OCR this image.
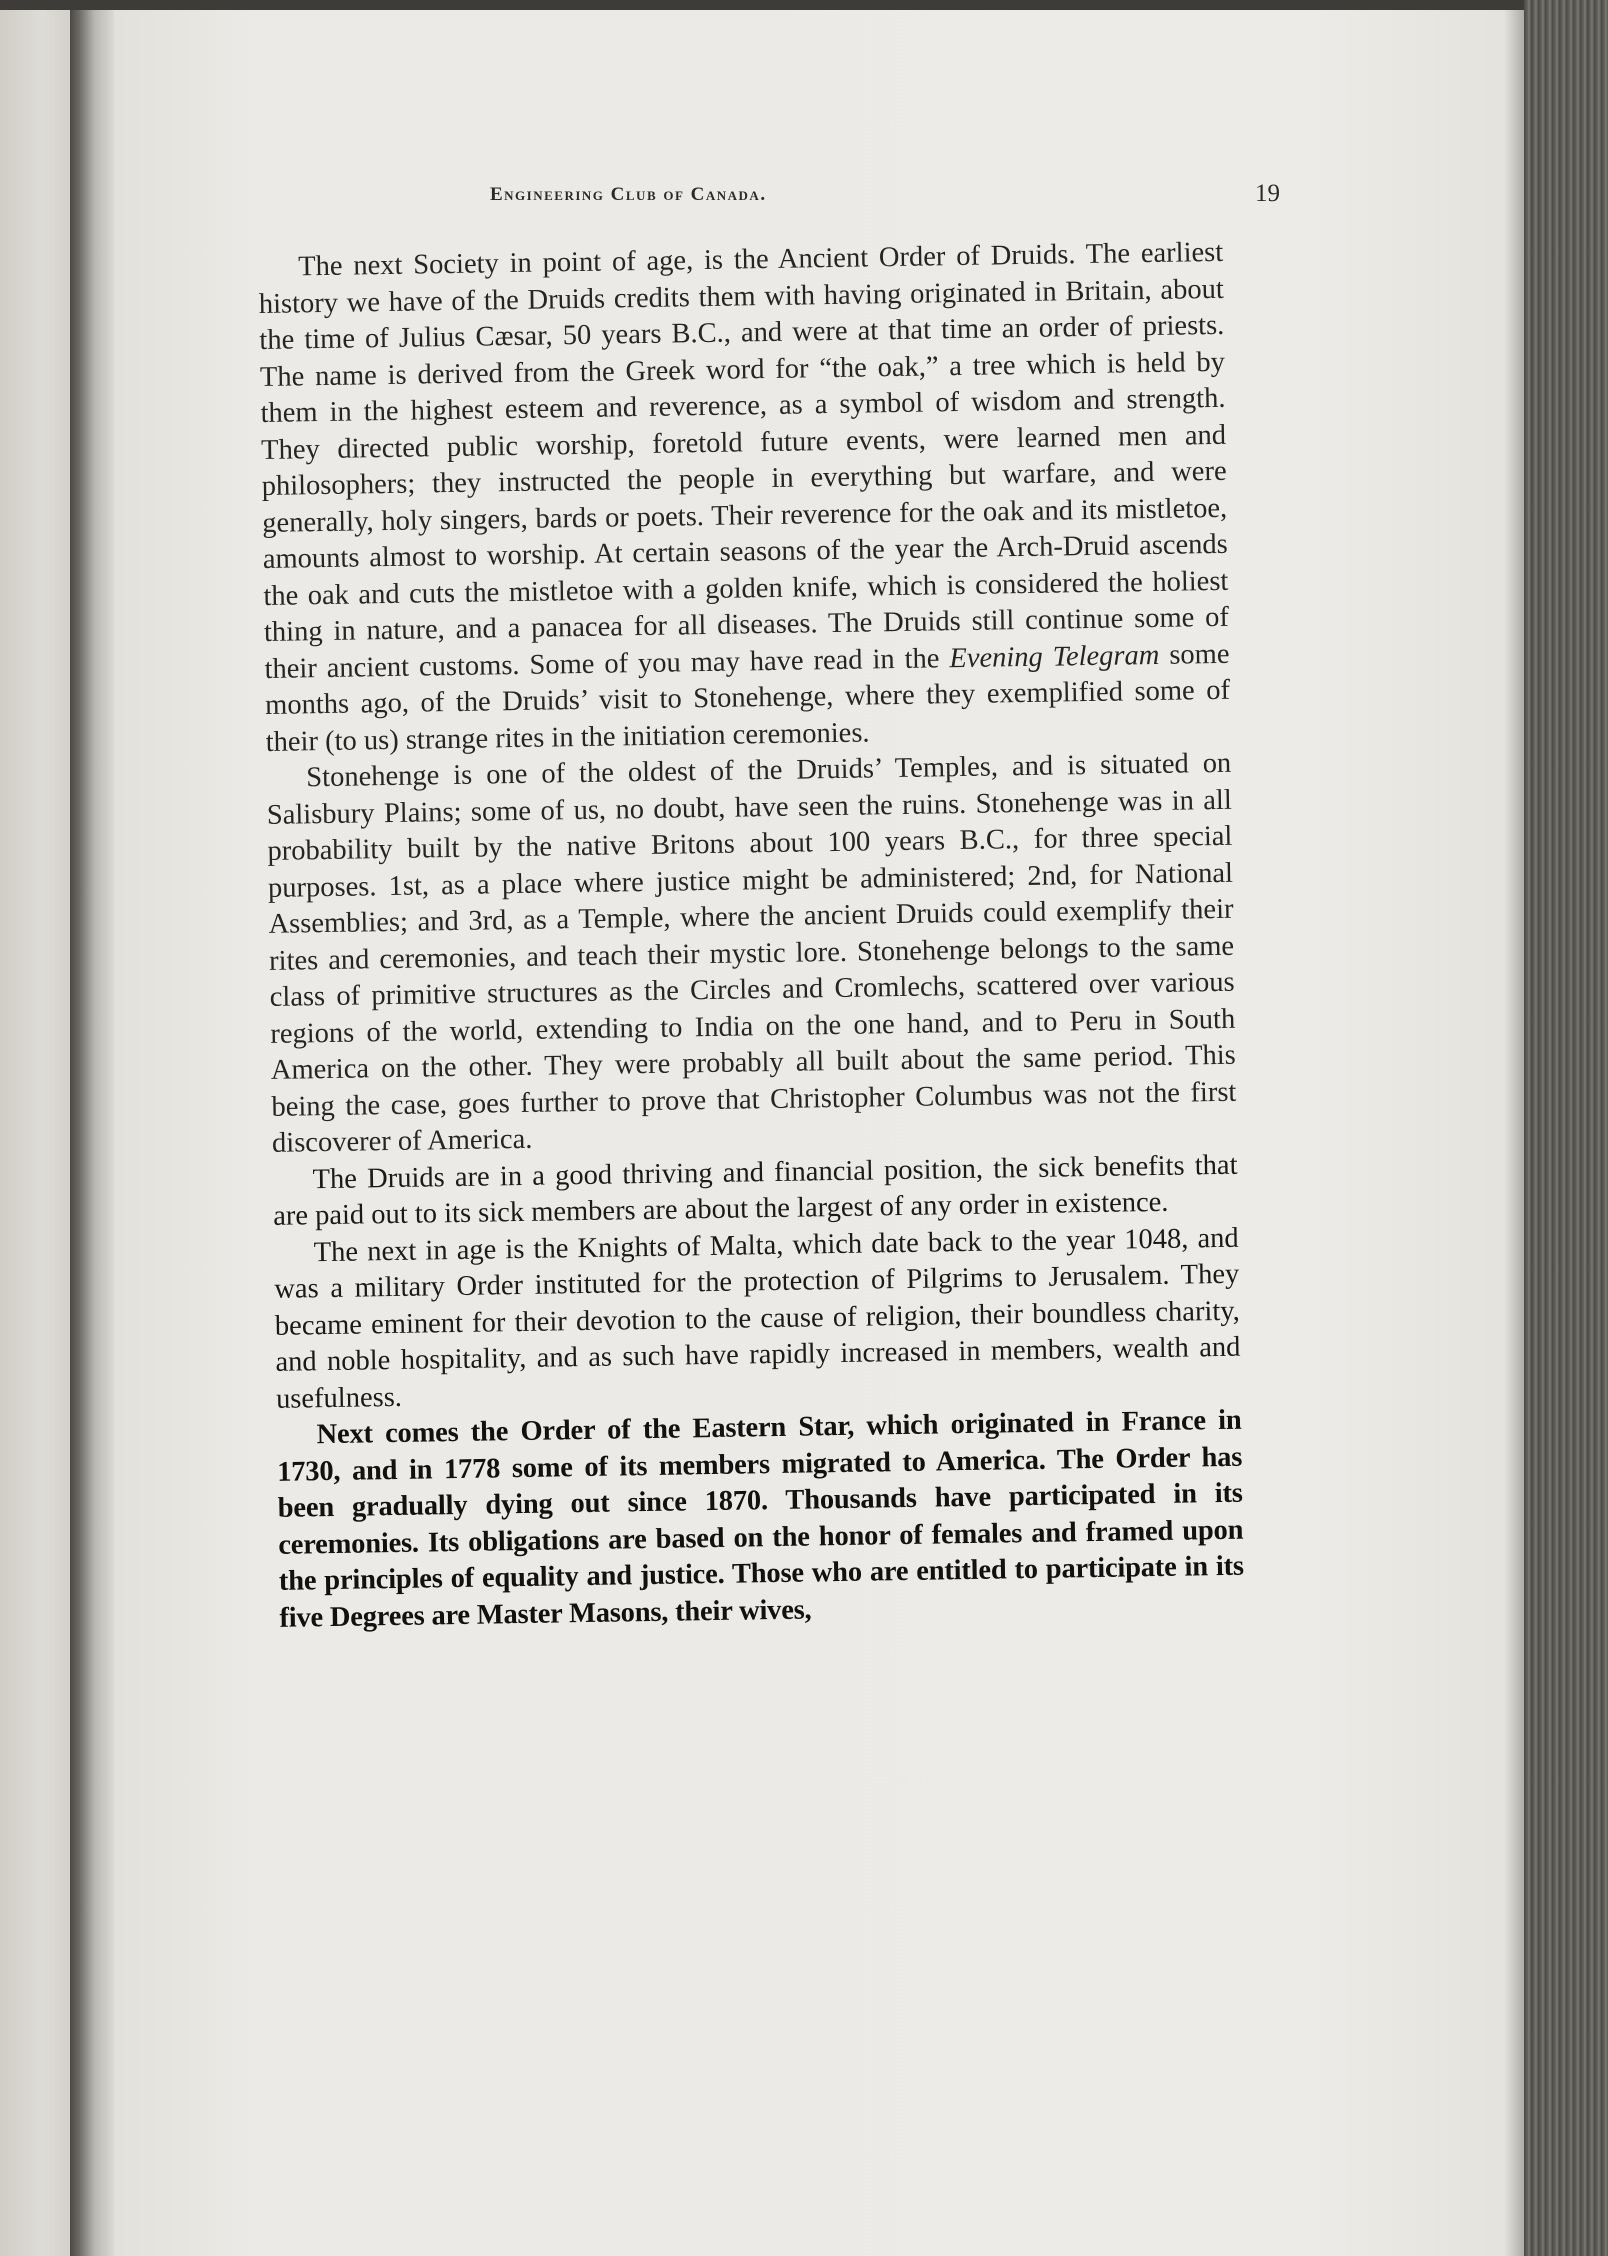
Engineering Club of Canada.	19

The next Society in point of age, is the Ancient Order of Druids. The earliest history we have of the Druids credits them with having originated in Britain, about the time of Julius Cæsar, 50 years B.C., and were at that time an order of priests. The name is derived from the Greek word for “the oak,” a tree which is held by them in the highest esteem and reverence, as a symbol of wisdom and strength. They directed public worship, foretold future events, were learned men and philosophers; they instructed the people in everything but warfare, and were generally, holy singers, bards or poets. Their reverence for the oak and its mistletoe, amounts almost to worship. At certain seasons of the year the Arch-Druid ascends the oak and cuts the mistletoe with a golden knife, which is considered the holiest thing in nature, and a panacea for all diseases. The Druids still continue some of their ancient customs. Some of you may have read in the Evening Telegram some months ago, of the Druids’ visit to Stonehenge, where they exemplified some of their (to us) strange rites in the initiation ceremonies.

Stonehenge is one of the oldest of the Druids’ Temples, and is situated on Salisbury Plains; some of us, no doubt, have seen the ruins. Stonehenge was in all probability built by the native Britons about 100 years B.C., for three special purposes. 1st, as a place where justice might be administered; 2nd, for National Assemblies; and 3rd, as a Temple, where the ancient Druids could exemplify their rites and ceremonies, and teach their mystic lore. Stonehenge belongs to the same class of primitive structures as the Circles and Cromlechs, scattered over various regions of the world, extending to India on the one hand, and to Peru in South America on the other. They were probably all built about the same period. This being the case, goes further to prove that Christopher Columbus was not the first discoverer of America.

The Druids are in a good thriving and financial position, the sick benefits that are paid out to its sick members are about the largest of any order in existence.

The next in age is the Knights of Malta, which date back to the year 1048, and was a military Order instituted for the protection of Pilgrims to Jerusalem. They became eminent for their devotion to the cause of religion, their boundless charity, and noble hospitality, and as such have rapidly increased in members, wealth and usefulness.

Next comes the Order of the Eastern Star, which originated in France in 1730, and in 1778 some of its members migrated to America. The Order has been gradually dying out since 1870. Thousands have participated in its ceremonies. Its obligations are based on the honor of females and framed upon the principles of equality and justice. Those who are entitled to participate in its five Degrees are Master Masons, their wives,
